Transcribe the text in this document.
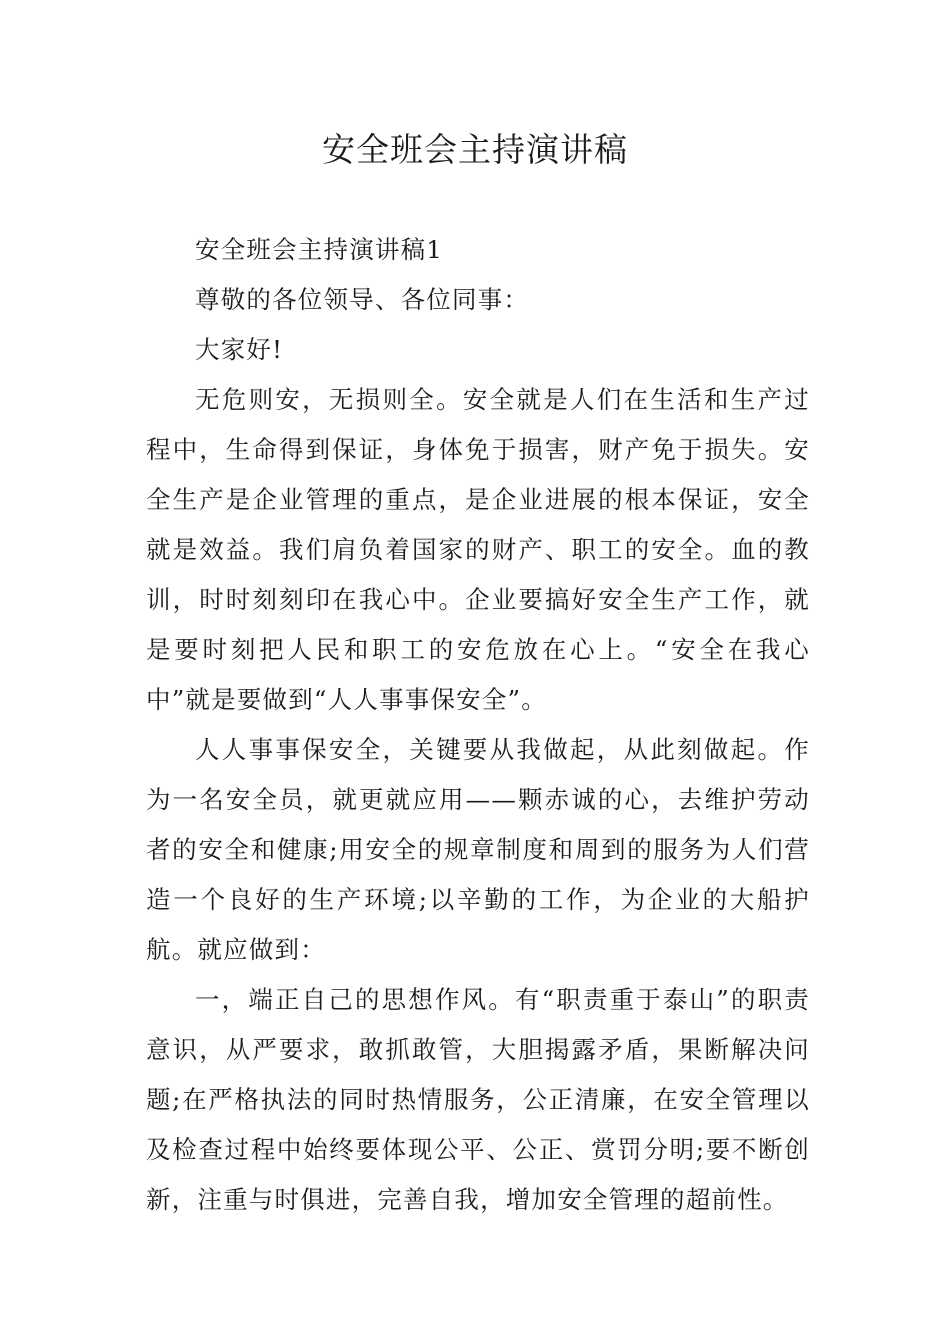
安全班会主持演讲稿

安全班会主持演讲稿1

尊敬的各位领导、各位同事：

大家好!

无危则安，无损则全。安全就是人们在生活和生产过程中，生命得到保证，身体免于损害，财产免于损失。安全生产是企业管理的重点，是企业进展的根本保证，安全就是效益。我们肩负着国家的财产、职工的安全。血的教训，时时刻刻印在我心中。企业要搞好安全生产工作，就是要时刻把人民和职工的安危放在心上。“安全在我心中”就是要做到“人人事事保安全”。

人人事事保安全，关键要从我做起，从此刻做起。作为一名安全员，就更就应用——颗赤诚的心，去维护劳动者的安全和健康;用安全的规章制度和周到的服务为人们营造一个良好的生产环境;以辛勤的工作，为企业的大船护航。就应做到：

一，端正自己的思想作风。有“职责重于泰山”的职责意识，从严要求，敢抓敢管，大胆揭露矛盾，果断解决问题;在严格执法的同时热情服务，公正清廉，在安全管理以及检查过程中始终要体现公平、公正、赏罚分明;要不断创新，注重与时俱进，完善自我，增加安全管理的超前性。
